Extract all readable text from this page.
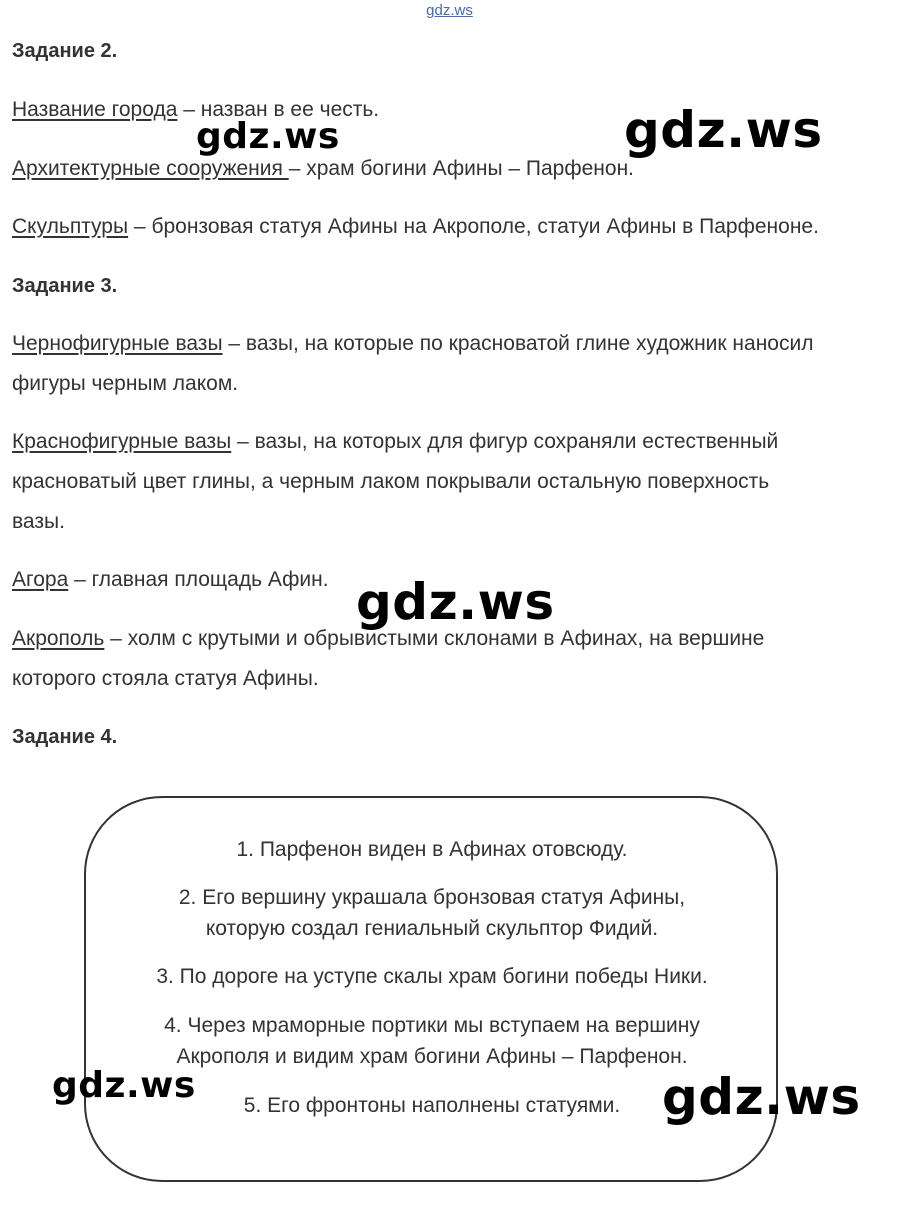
gdz.ws
Задание 2.
Название города – назван в ее честь.
Архитектурные сооружения – храм богини Афины – Парфенон.
Скульптуры – бронзовая статуя Афины на Акрополе, статуи Афины в Парфеноне.
Задание 3.
Чернофигурные вазы – вазы, на которые по красноватой глине художник наносил
фигуры черным лаком.
Краснофигурные вазы – вазы, на которых для фигур сохраняли естественный
красноватый цвет глины, а черным лаком покрывали остальную поверхность
вазы.
Агора – главная площадь Афин.
Акрополь – холм с крутыми и обрывистыми склонами в Афинах, на вершине
которого стояла статуя Афины.
Задание 4.
1. Парфенон виден в Афинах отовсюду.
2. Его вершину украшала бронзовая статуя Афины,
которую создал гениальный скульптор Фидий.
3. По дороге на уступе скалы храм богини победы Ники.
4. Через мраморные портики мы вступаем на вершину
Акрополя и видим храм богини Афины – Парфенон.
5. Его фронтоны наполнены статуями.
gdz.ws	gdz.ws
gdz.ws
gdz.ws	gdz.ws
